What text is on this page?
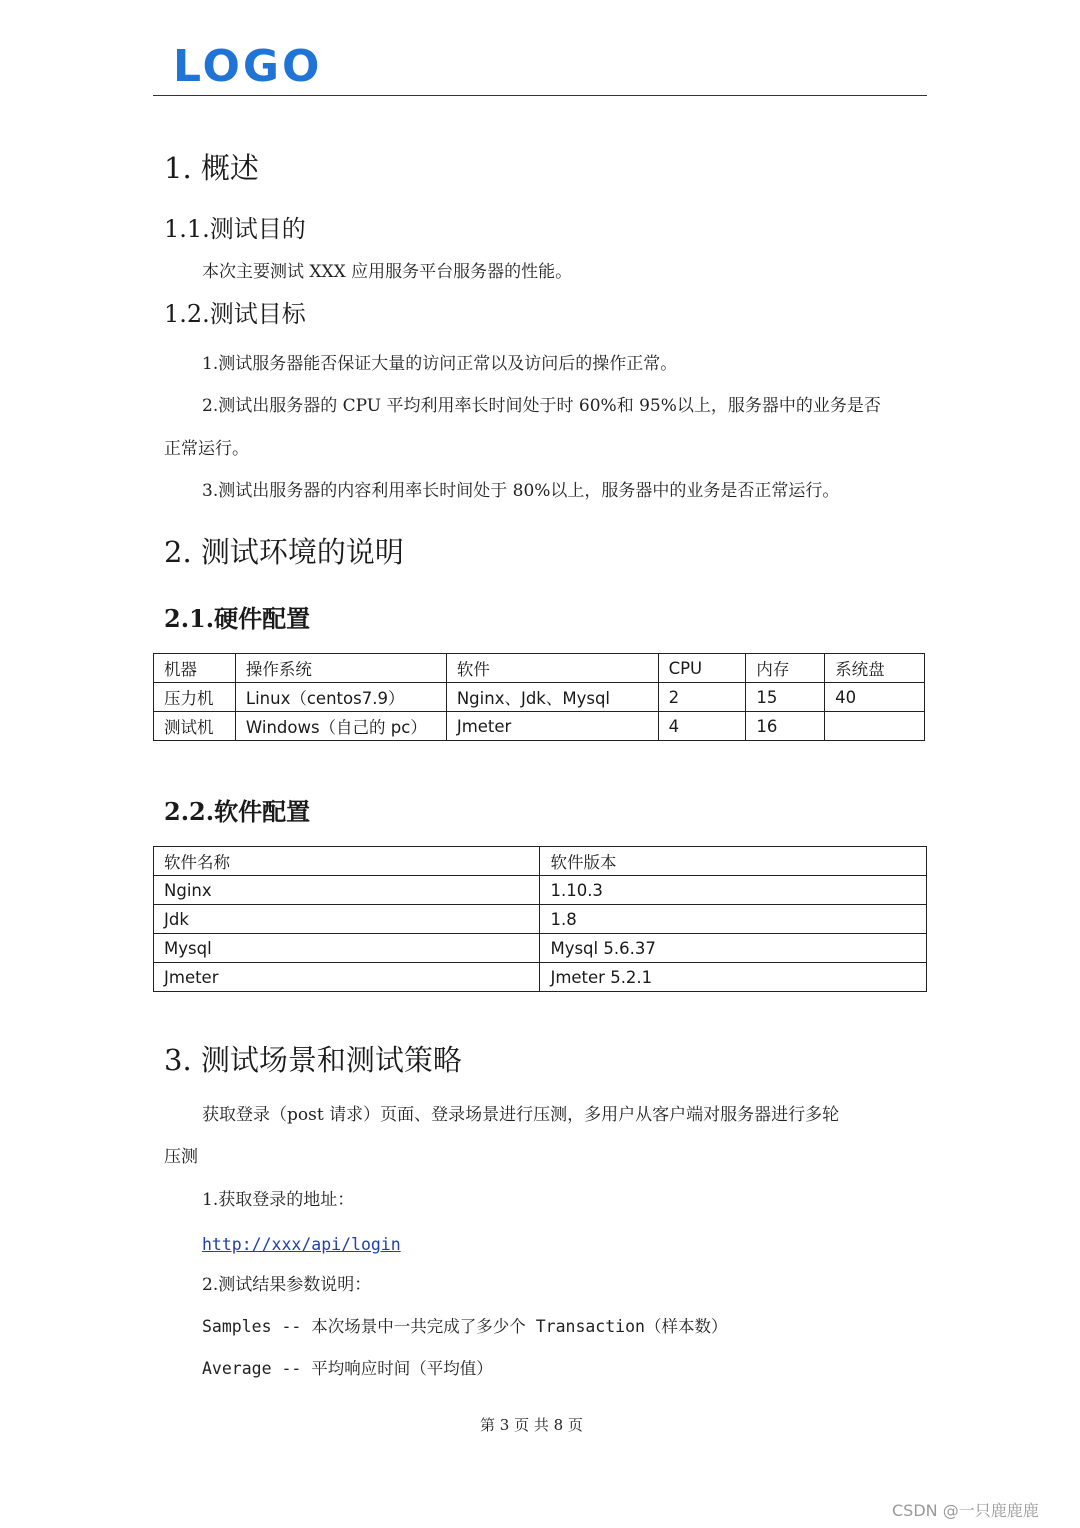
LOGO
1. 概述
1.1.测试目的
本次主要测试 XXX 应用服务平台服务器的性能。
1.2.测试目标
1.测试服务器能否保证大量的访问正常以及访问后的操作正常。
2.测试出服务器的 CPU 平均利用率长时间处于时 60%和 95%以上，服务器中的业务是否
正常运行。
3.测试出服务器的内容利用率长时间处于 80%以上，服务器中的业务是否正常运行。
2. 测试环境的说明
2.1.硬件配置
机器	操作系统	软件	CPU	内存	系统盘
压力机	Linux（centos7.9）	Nginx、Jdk、Mysql	2	15	40
测试机	Windows（自己的 pc）	Jmeter	4	16	
2.2.软件配置
软件名称	软件版本
Nginx	1.10.3
Jdk	1.8
Mysql	Mysql 5.6.37
Jmeter	Jmeter 5.2.1
3. 测试场景和测试策略
获取登录（post 请求）页面、登录场景进行压测，多用户从客户端对服务器进行多轮
压测
1.获取登录的地址：
http://xxx/api/login
2.测试结果参数说明：
Samples -- 本次场景中一共完成了多少个 Transaction（样本数）
Average -- 平均响应时间（平均值）
第 3 页 共 8 页
CSDN @一只鹿鹿鹿
